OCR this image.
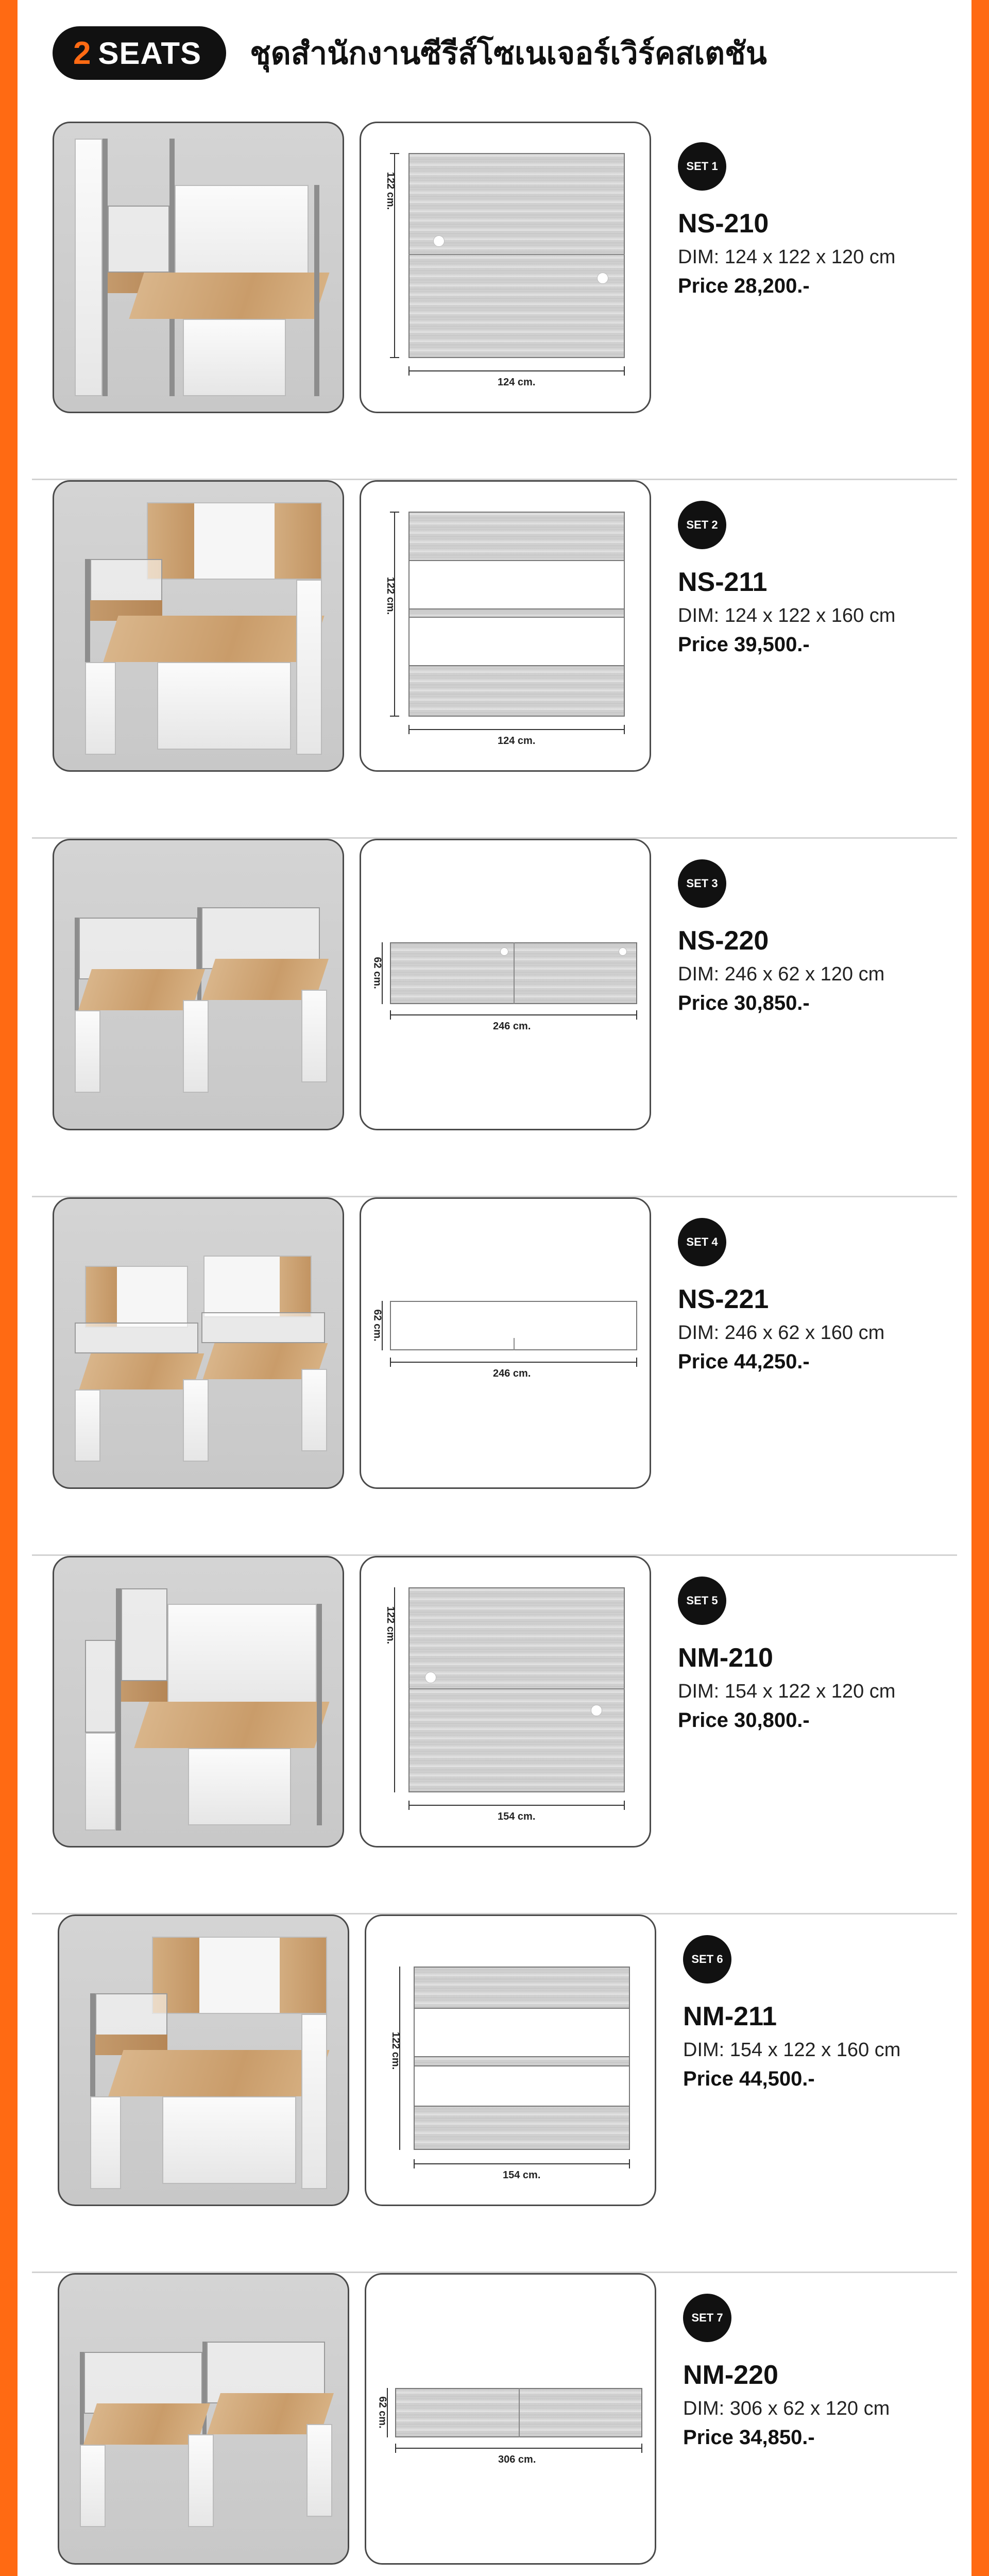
2 SEATS ชุดสำนักงานซีรีส์โซเนเจอร์เวิร์คสเตชัน
122 cm.
124 cm.
SET 1
NS-210
DIM: 124 x 122 x 120 cm
Price 28,200.-
122 cm.
124 cm.
SET 2
NS-211
DIM: 124 x 122 x 160 cm
Price 39,500.-
62 cm.
246 cm.
SET 3
NS-220
DIM: 246 x 62 x 120 cm
Price 30,850.-
62 cm.
246 cm.
SET 4
NS-221
DIM: 246 x 62 x 160 cm
Price 44,250.-
122 cm.
154 cm.
SET 5
NM-210
DIM: 154 x 122 x 120 cm
Price 30,800.-
122 cm.
154 cm.
SET 6
NM-211
DIM: 154 x 122 x 160 cm
Price 44,500.-
62 cm.
306 cm.
SET 7
NM-220
DIM: 306 x 62 x 120 cm
Price 34,850.-
